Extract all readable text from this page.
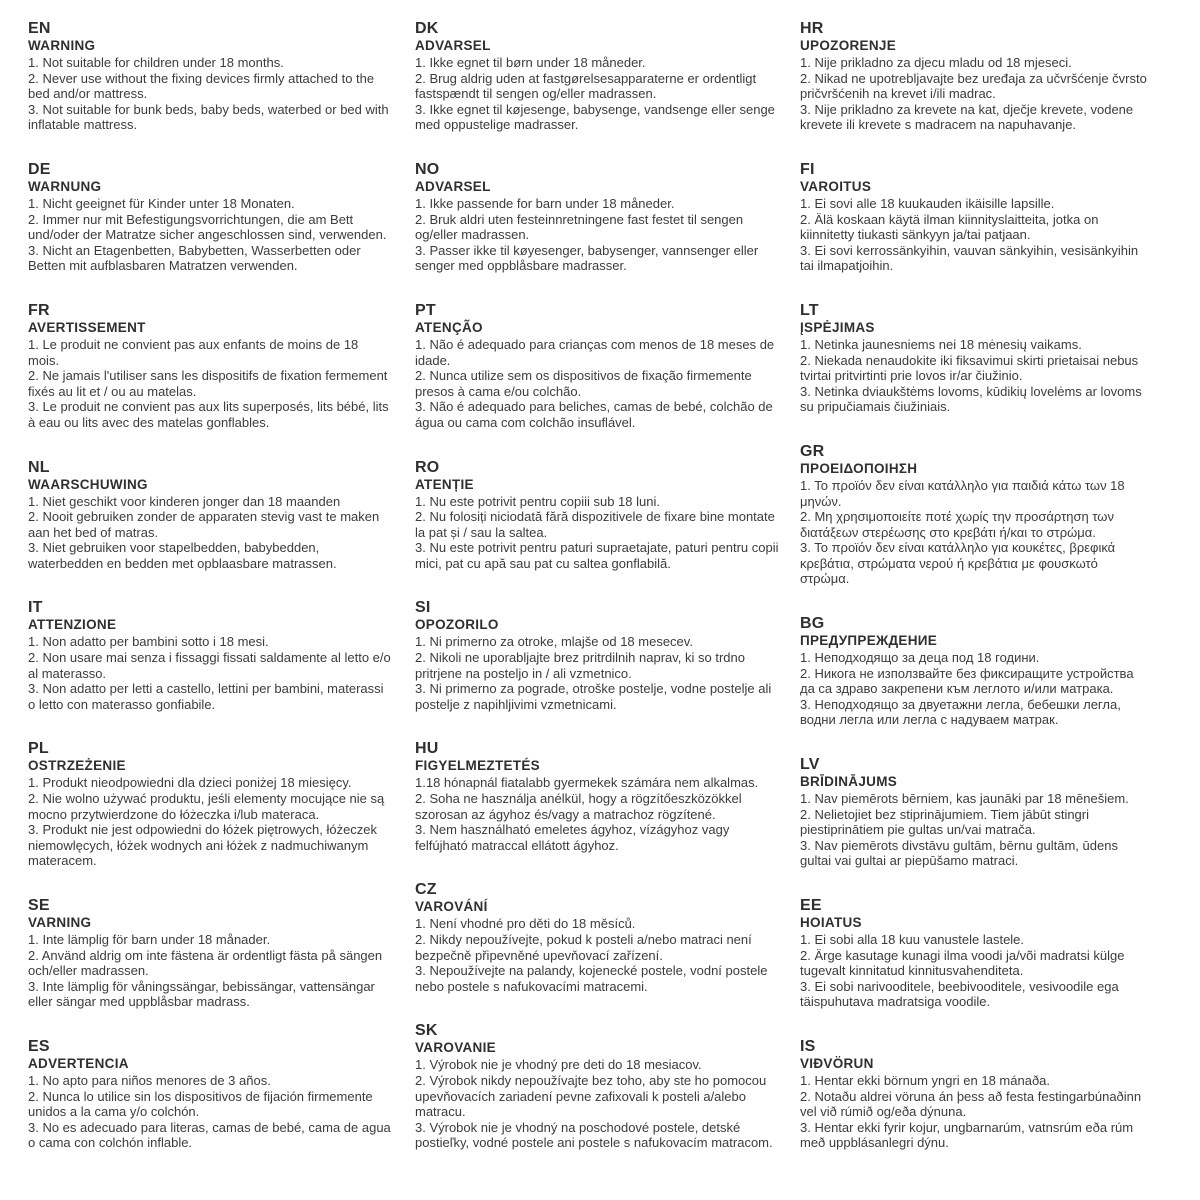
EN
WARNING

1. Not suitable for children under 18 months.

2. Never use without the fixing devices firmly attached to the bed and/or mattress.

3. Not suitable for bunk beds, baby beds, waterbed or bed with inflatable mattress.

DE
WARNUNG

1. Nicht geeignet für Kinder unter 18 Monaten.

2. Immer nur mit Befestigungsvorrichtungen, die am Bett und/oder der Matratze sicher angeschlossen sind, verwenden.

3. Nicht an Etagenbetten, Babybetten, Wasserbetten oder Betten mit aufblasbaren Matratzen verwenden.

FR
AVERTISSEMENT

1. Le produit ne convient pas aux enfants de moins de 18 mois.

2. Ne jamais l'utiliser sans les dispositifs de fixation fermement fixés au lit et / ou au matelas.

3. Le produit ne convient pas aux lits superposés, lits bébé, lits à eau ou lits avec des matelas gonflables.

NL
WAARSCHUWING

1. Niet geschikt voor kinderen jonger dan 18 maanden

2. Nooit gebruiken zonder de apparaten stevig vast te maken aan het bed of matras.

3. Niet gebruiken voor stapelbedden, babybedden, waterbedden en bedden met opblaasbare matrassen.

IT
ATTENZIONE

1. Non adatto per bambini sotto i 18 mesi.

2. Non usare mai senza i fissaggi fissati saldamente al letto e/o al materasso.

3. Non adatto per letti a castello, lettini per bambini, materassi o letto con materasso gonfiabile.

PL
OSTRZEŻENIE

1. Produkt nieodpowiedni dla dzieci poniżej 18 miesięcy.

2. Nie wolno używać produktu, jeśli elementy mocujące nie są mocno przytwierdzone do łóżeczka i/lub materaca.

3. Produkt nie jest odpowiedni do łóżek piętrowych, łóżeczek niemowlęcych, łóżek wodnych ani łóżek z nadmuchiwanym materacem.

SE
VARNING

1. Inte lämplig för barn under 18 månader.

2. Använd aldrig om inte fästena är ordentligt fästa på sängen och/eller madrassen.

3. Inte lämplig för våningssängar, bebissängar, vattensängar eller sängar med uppblåsbar madrass.

ES
ADVERTENCIA

1. No apto para niños menores de 3 años.

2. Nunca lo utilice sin los dispositivos de fijación firmemente unidos a la cama y/o colchón.

3. No es adecuado para literas, camas de bebé, cama de agua o cama con colchón inflable.

DK
ADVARSEL

1. Ikke egnet til børn under 18 måneder.

2. Brug aldrig uden at fastgørelsesapparaterne er ordentligt fastspændt til sengen og/eller madrassen.

3. Ikke egnet til køjesenge, babysenge, vandsenge eller senge med oppustelige madrasser.

NO
ADVARSEL

1. Ikke passende for barn under 18 måneder.

2. Bruk aldri uten festeinnretningene fast festet til sengen og/eller madrassen.

3. Passer ikke til køyesenger, babysenger, vannsenger eller senger med oppblåsbare madrasser.

PT
ATENÇÃO

1. Não é adequado para crianças com menos de 18 meses de idade.

2. Nunca utilize sem os dispositivos de fixação firmemente presos à cama e/ou colchão.

3. Não é adequado para beliches, camas de bebé, colchão de água ou cama com colchão insuflável.

RO
ATENȚIE

1. Nu este potrivit pentru copiii sub 18 luni.

2. Nu folosiți niciodată fără dispozitivele de fixare bine montate la pat și / sau la saltea.

3. Nu este potrivit pentru paturi supraetajate, paturi pentru copii mici, pat cu apă sau pat cu saltea gonflabilă.

SI
OPOZORILO

1. Ni primerno za otroke, mlajše od 18 mesecev.

2. Nikoli ne uporabljajte brez pritrdilnih naprav, ki so trdno pritrjene na posteljo in / ali vzmetnico.

3. Ni primerno za pograde, otroške postelje, vodne postelje ali postelje z napihljivimi vzmetnicami.

HU
FIGYELMEZTETÉS

1.18 hónapnál fiatalabb gyermekek számára nem alkalmas.

2. Soha ne használja anélkül, hogy a rögzítőeszközökkel szorosan az ágyhoz és/vagy a matrachoz rögzítené.

3. Nem használható emeletes ágyhoz, vízágyhoz vagy felfújható matraccal ellátott ágyhoz.

CZ
VAROVÁNÍ

1. Není vhodné pro děti do 18 měsíců.

2. Nikdy nepoužívejte, pokud k posteli a/nebo matraci není bezpečně připevněné upevňovací zařízení.

3. Nepoužívejte na palandy, kojenecké postele, vodní postele nebo postele s nafukovacími matracemi.

SK
VAROVANIE

1. Výrobok nie je vhodný pre deti do 18 mesiacov.

2. Výrobok nikdy nepoužívajte bez toho, aby ste ho pomocou upevňovacích zariadení pevne zafixovali k posteli a/alebo matracu.

3. Výrobok nie je vhodný na poschodové postele, detské postieľky, vodné postele ani postele s nafukovacím matracom.

HR
UPOZORENJE

1. Nije prikladno za djecu mladu od 18 mjeseci.

2. Nikad ne upotrebljavajte bez uređaja za učvršćenje čvrsto pričvršćenih na krevet i/ili madrac.

3. Nije prikladno za krevete na kat, dječje krevete, vodene krevete ili krevete s madracem na napuhavanje.

FI
VAROITUS

1. Ei sovi alle 18 kuukauden ikäisille lapsille.

2. Älä koskaan käytä ilman kiinnityslaitteita, jotka on kiinnitetty tiukasti sänkyyn ja/tai patjaan.

3. Ei sovi kerrossänkyihin, vauvan sänkyihin, vesisänkyihin tai ilmapatjoihin.

LT
ĮSPĖJIMAS

1. Netinka jaunesniems nei 18 mėnesių vaikams.

2. Niekada nenaudokite iki fiksavimui skirti prietaisai nebus tvirtai pritvirtinti prie lovos ir/ar čiužinio.

3. Netinka dviaukštėms lovoms, kūdikių lovelėms ar lovoms su pripučiamais čiužiniais.

GR
ΠΡΟΕΙΔΟΠΟΙΗΣΗ

1. Το προϊόν δεν είναι κατάλληλο για παιδιά κάτω των 18 μηνών.

2. Μη χρησιμοποιείτε ποτέ χωρίς την προσάρτηση των διατάξεων στερέωσης στο κρεβάτι ή/και το στρώμα.

3. Το προϊόν δεν είναι κατάλληλο για κουκέτες, βρεφικά κρεβάτια, στρώματα νερού ή κρεβάτια με φουσκωτό στρώμα.

BG
ПРЕДУПРЕЖДЕНИЕ

1. Неподходящо за деца под 18 години.

2. Никога не използвайте без фиксиращите устройства да са здраво закрепени към леглото и/или матрака.

3. Неподходящо за двуетажни легла, бебешки легла, водни легла или легла с надуваем матрак.

LV
BRĪDINĀJUMS

1. Nav piemērots bērniem, kas jaunāki par 18 mēnešiem.

2. Nelietojiet bez stiprinājumiem. Tiem jābūt stingri piestiprinātiem pie gultas un/vai matrača.

3. Nav piemērots divstāvu gultām, bērnu gultām, ūdens gultai vai gultai ar piepūšamo matraci.

EE
HOIATUS

1. Ei sobi alla 18 kuu vanustele lastele.

2. Ärge kasutage kunagi ilma voodi ja/või madratsi külge tugevalt kinnitatud kinnitusvahenditeta.

3. Ei sobi narivooditele, beebivooditele, vesivoodile ega täispuhutava madratsiga voodile.

IS
VIÐVÖRUN

1. Hentar ekki börnum yngri en 18 mánaða.

2. Notaðu aldrei vöruna án þess að festa festingarbúnaðinn vel við rúmið og/eða dýnuna.

3. Hentar ekki fyrir kojur, ungbarnarúm, vatnsrúm eða rúm með uppblásanlegri dýnu.
